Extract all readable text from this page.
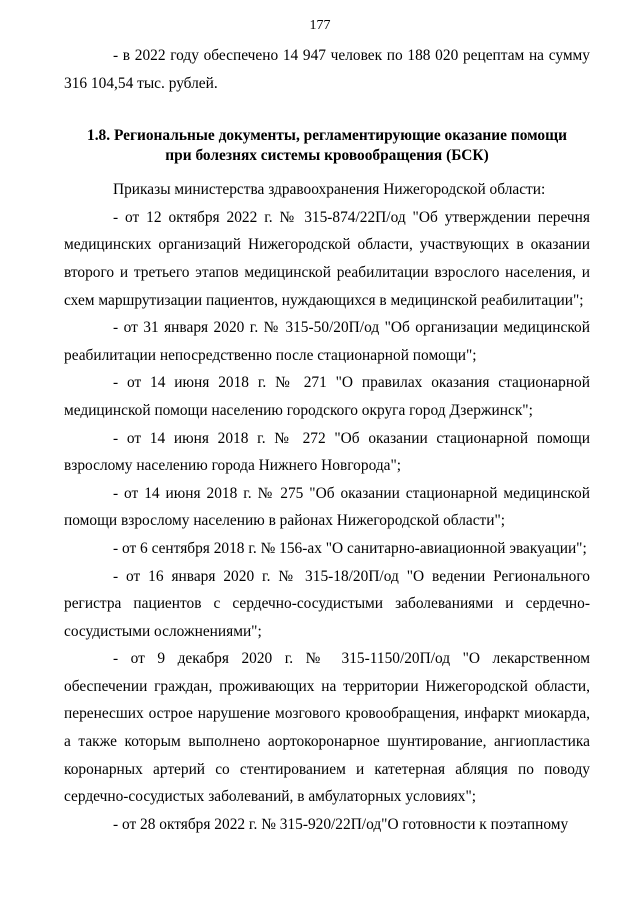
177

- в 2022 году обеспечено 14 947 человек по 188 020 рецептам на сумму 316 104,54 тыс. рублей.

1.8. Региональные документы, регламентирующие оказание помощи при болезнях системы кровообращения (БСК)

Приказы министерства здравоохранения Нижегородской области:

- от 12 октября 2022 г. № 315-874/22П/од "Об утверждении перечня медицинских организаций Нижегородской области, участвующих в оказании второго и третьего этапов медицинской реабилитации взрослого населения, и схем маршрутизации пациентов, нуждающихся в медицинской реабилитации";

- от 31 января 2020 г. № 315-50/20П/од "Об организации медицинской реабилитации непосредственно после стационарной помощи";

- от 14 июня 2018 г. № 271 "О правилах оказания стационарной медицинской помощи населению городского округа город Дзержинск";

- от 14 июня 2018 г. № 272 "Об оказании стационарной помощи взрослому населению города Нижнего Новгорода";

- от 14 июня 2018 г. № 275 "Об оказании стационарной медицинской помощи взрослому населению в районах Нижегородской области";

- от 6 сентября 2018 г. № 156-ах "О санитарно-авиационной эвакуации";

- от 16 января 2020 г. № 315-18/20П/од "О ведении Регионального регистра пациентов с сердечно-сосудистыми заболеваниями и сердечно-сосудистыми осложнениями";

- от 9 декабря 2020 г. № 315-1150/20П/од "О лекарственном обеспечении граждан, проживающих на территории Нижегородской области, перенесших острое нарушение мозгового кровообращения, инфаркт миокарда, а также которым выполнено аортокоронарное шунтирование, ангиопластика коронарных артерий со стентированием и катетерная абляция по поводу сердечно-сосудистых заболеваний, в амбулаторных условиях";

- от 28 октября 2022 г. № 315-920/22П/од"О готовности к поэтапному
